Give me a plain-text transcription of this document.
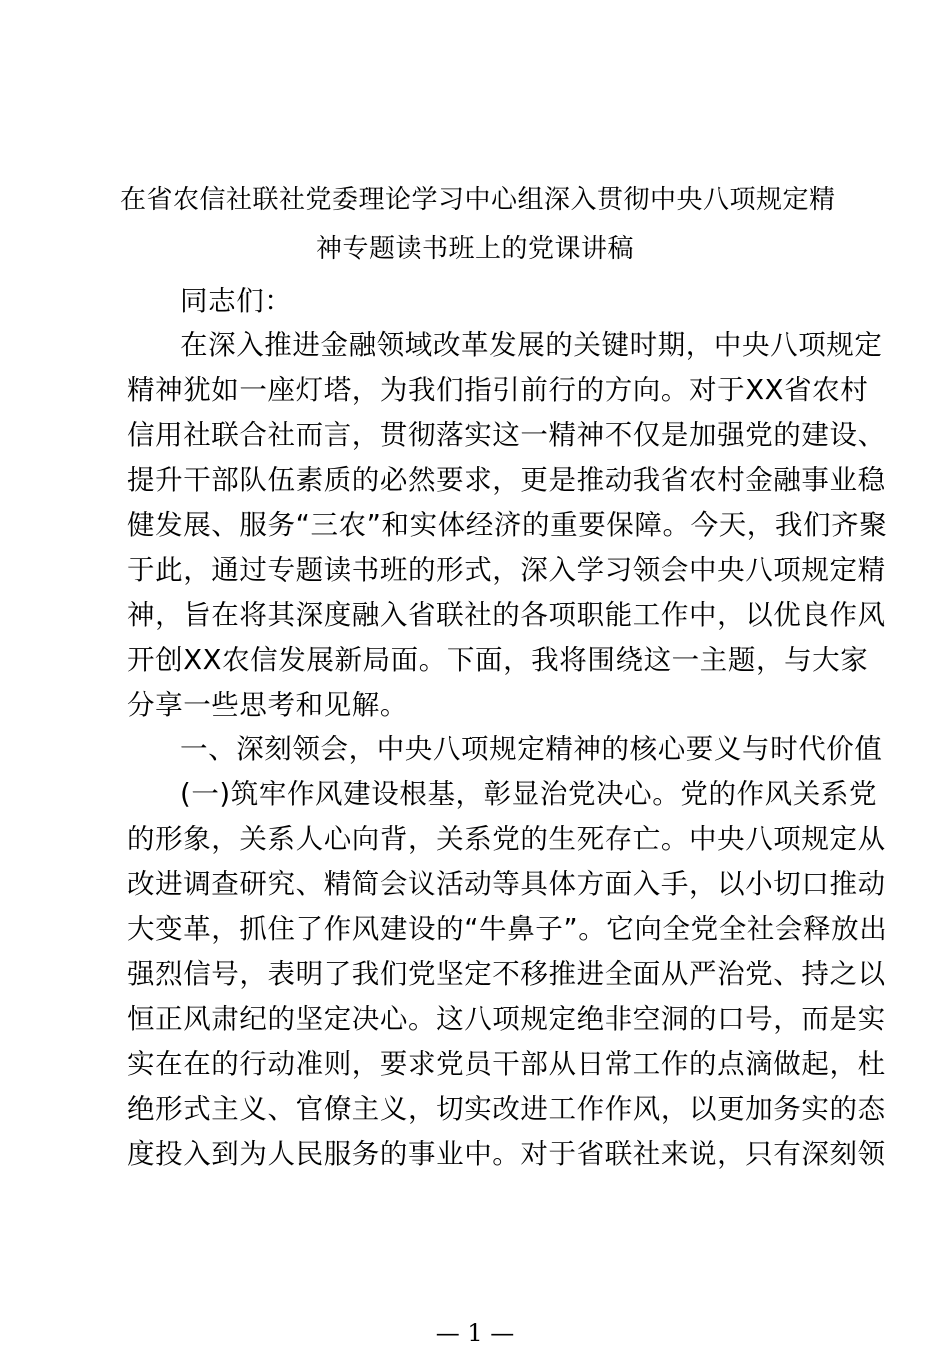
在省农信社联社党委理论学习中心组深入贯彻中央八项规定精
神专题读书班上的党课讲稿
同志们：
在深入推进金融领域改革发展的关键时期，中央八项规定
精神犹如一座灯塔，为我们指引前行的方向。对于XX省农村
信用社联合社而言，贯彻落实这一精神不仅是加强党的建设、
提升干部队伍素质的必然要求，更是推动我省农村金融事业稳
健发展、服务“三农”和实体经济的重要保障。今天，我们齐聚
于此，通过专题读书班的形式，深入学习领会中央八项规定精
神，旨在将其深度融入省联社的各项职能工作中，以优良作风
开创XX农信发展新局面。下面，我将围绕这一主题，与大家
分享一些思考和见解。
一、深刻领会，中央八项规定精神的核心要义与时代价值
(一)筑牢作风建设根基，彰显治党决心。党的作风关系党
的形象，关系人心向背，关系党的生死存亡。中央八项规定从
改进调查研究、精简会议活动等具体方面入手，以小切口推动
大变革，抓住了作风建设的“牛鼻子”。它向全党全社会释放出
强烈信号，表明了我们党坚定不移推进全面从严治党、持之以
恒正风肃纪的坚定决心。这八项规定绝非空洞的口号，而是实
实在在的行动准则，要求党员干部从日常工作的点滴做起，杜
绝形式主义、官僚主义，切实改进工作作风，以更加务实的态
度投入到为人民服务的事业中。对于省联社来说，只有深刻领
— 1 —
